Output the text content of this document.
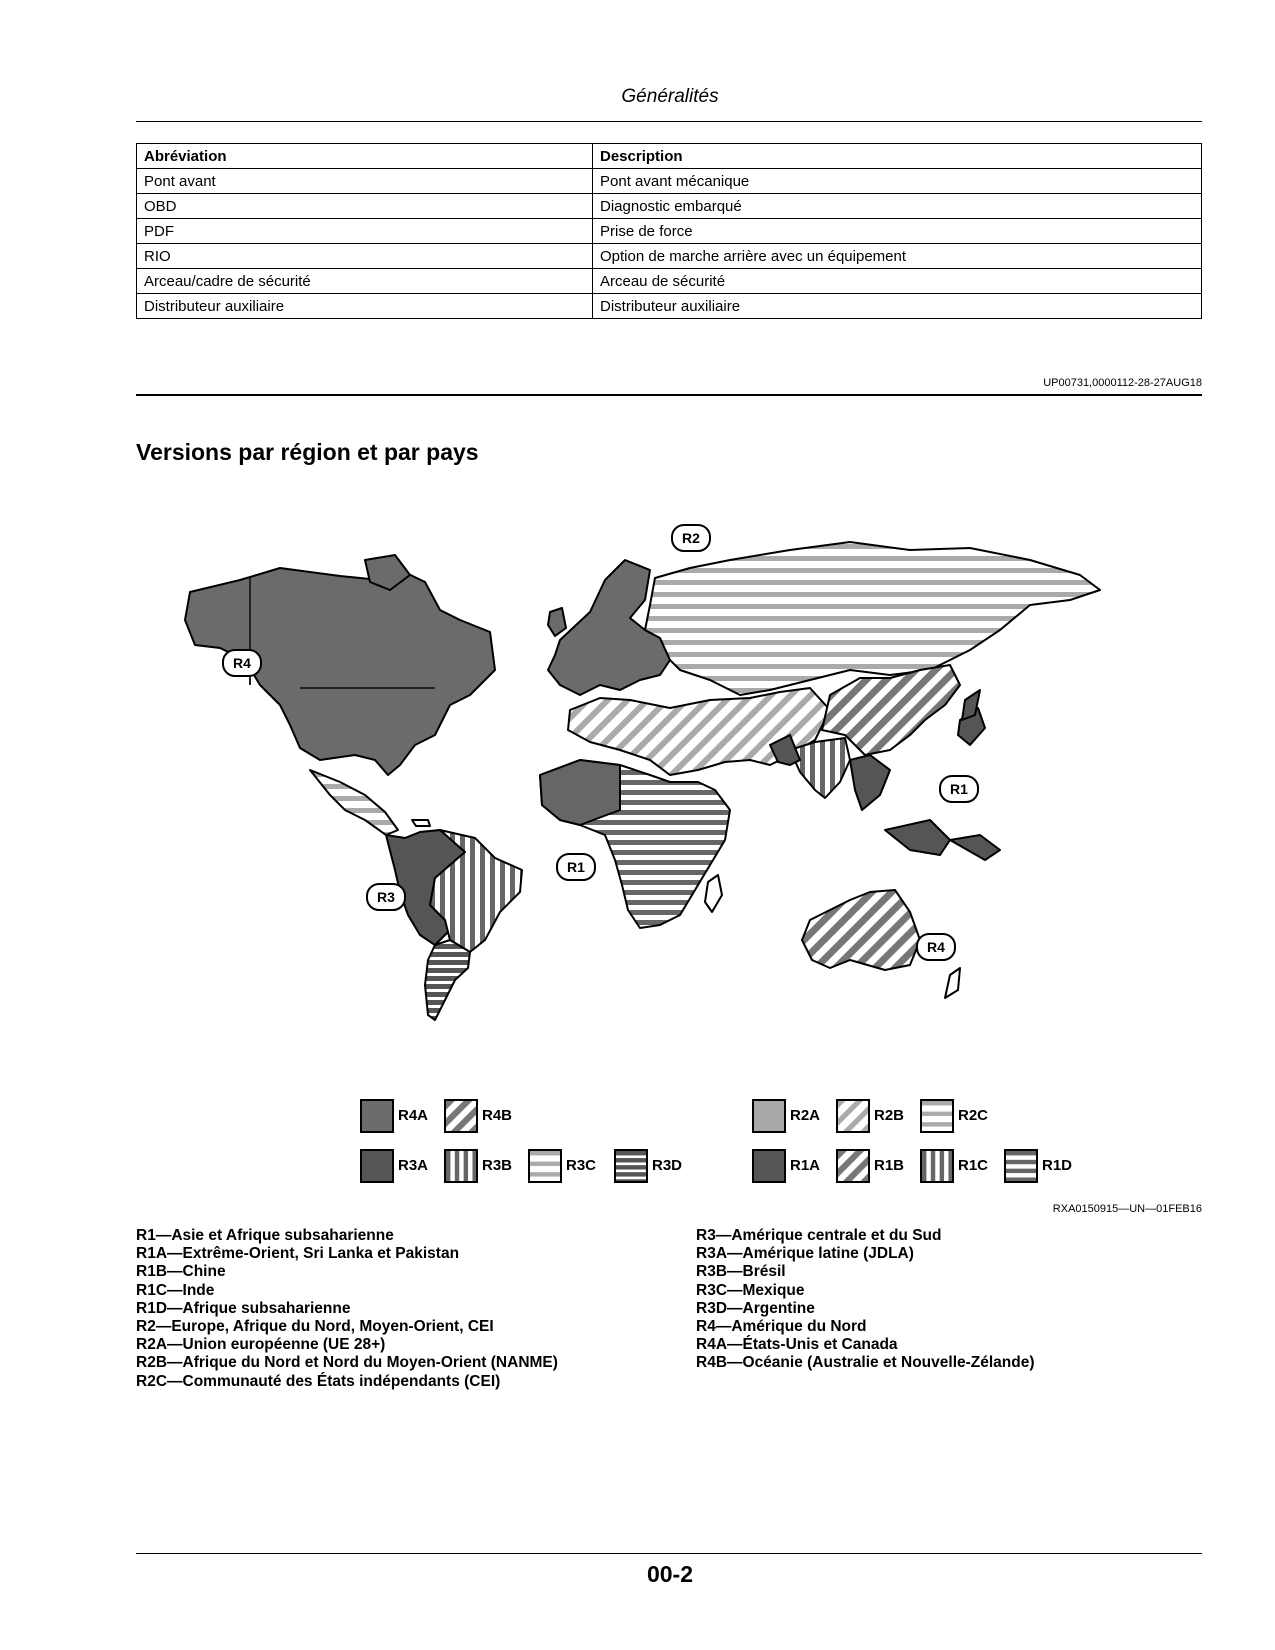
Généralités
Abréviation	Description
Pont avant	Pont avant mécanique
OBD	Diagnostic embarqué
PDF	Prise de force
RIO	Option de marche arrière avec un équipement
Arceau/cadre de sécurité	Arceau de sécurité
Distributeur auxiliaire	Distributeur auxiliaire
UP00731,0000112-28-27AUG18
Versions par région et par pays
R2
R4
R1
R1
R3
R4
R4A	R4B
R3A	R3B	R3C	R3D
R2A	R2B	R2C
R1A	R1B	R1C	R1D
RXA0150915—UN—01FEB16
R1—Asie et Afrique subsaharienne
R1A—Extrême-Orient, Sri Lanka et Pakistan
R1B—Chine
R1C—Inde
R1D—Afrique subsaharienne
R2—Europe, Afrique du Nord, Moyen-Orient, CEI
R2A—Union européenne (UE 28+)
R2B—Afrique du Nord et Nord du Moyen-Orient (NANME)
R2C—Communauté des États indépendants (CEI)
R3—Amérique centrale et du Sud
R3A—Amérique latine (JDLA)
R3B—Brésil
R3C—Mexique
R3D—Argentine
R4—Amérique du Nord
R4A—États-Unis et Canada
R4B—Océanie (Australie et Nouvelle-Zélande)
00-2
